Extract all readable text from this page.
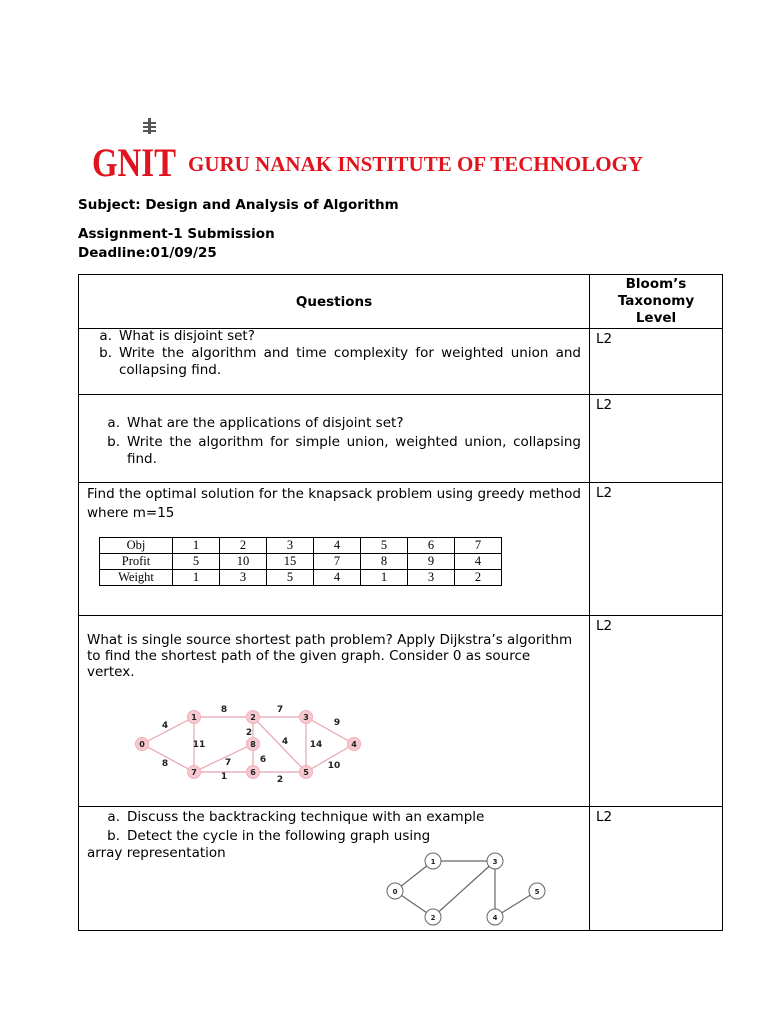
GNIT GURU NANAK INSTITUTE OF TECHNOLOGY
Subject: Design and Analysis of Algorithm
Assignment-1 Submission
Deadline:01/09/25
Questions	Bloom’s Taxonomy Level

a. What is disjoint set?
b. Write the algorithm and time complexity for weighted union and collapsing find.
	L2

a. What are the applications of disjoint set?
b. Write the algorithm for simple union, weighted union, collapsing find.
	L2

Find the optimal solution for the knapsack problem using greedy method where m=15
Obj	1	2	3	4	5	6	7
Profit	5	10	15	7	8	9	4
Weight	1	3	5	4	1	3	2
	L2

What is single source shortest path problem? Apply Dijkstra’s algorithm to find the shortest path of the given graph. Consider 0 as source vertex.
4
8
8
11
7
2
4
9
14
10
2
1
6
7
0
1	2	3
4
5
6
7
8
	L2

a. Discuss the backtracking technique with an example
b. Detect the cycle in the following graph using
array representation
0
1
2
3
4
5
	L2
